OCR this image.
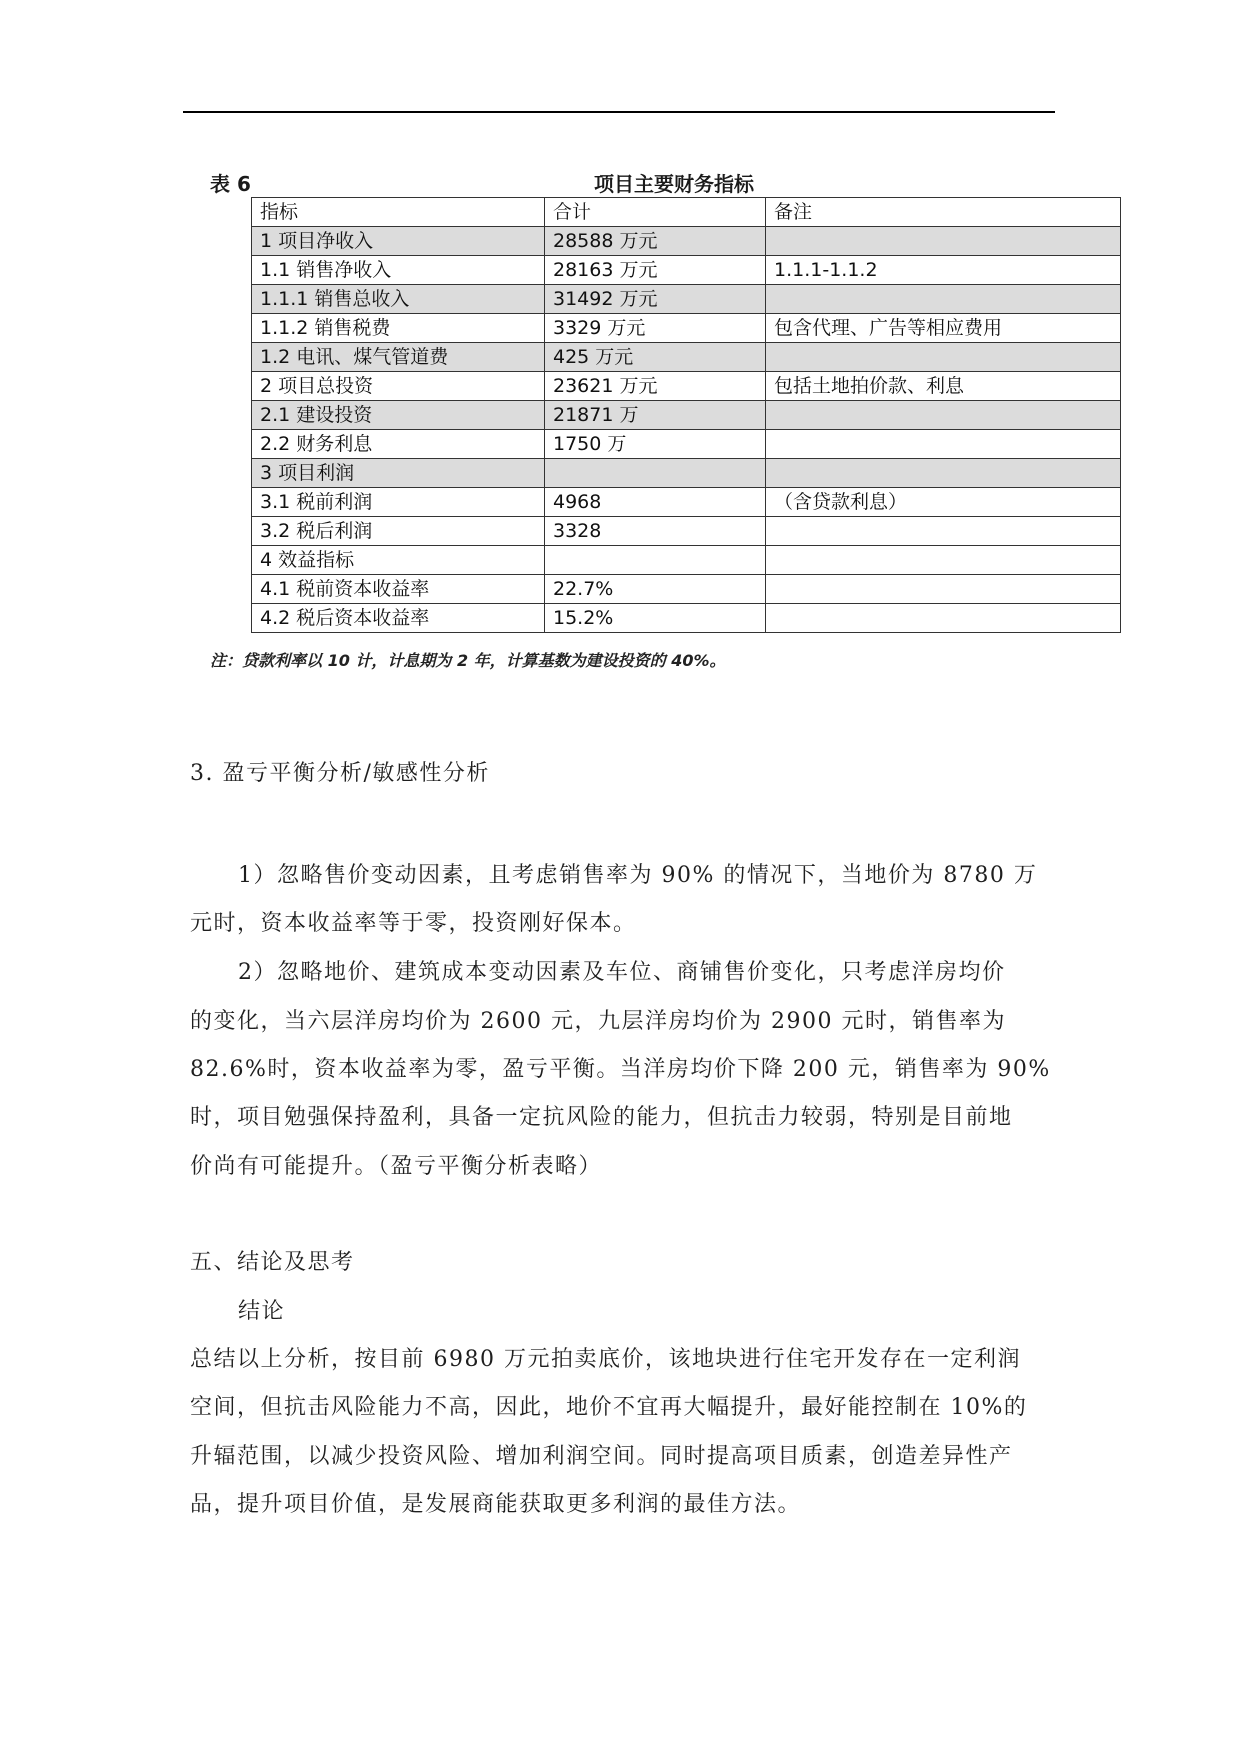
表 6	项目主要财务指标
指标	合计	备注
1 项目净收入	28588 万元	
1.1 销售净收入	28163 万元	1.1.1-1.1.2
1.1.1 销售总收入	31492 万元	
1.1.2 销售税费	3329 万元	包含代理、广告等相应费用
1.2 电讯、煤气管道费	425 万元	
2 项目总投资	23621 万元	包括土地拍价款、利息
2.1 建设投资	21871 万	
2.2 财务利息	1750 万	
3 项目利润		
3.1 税前利润	4968	（含贷款利息）
3.2 税后利润	3328	
4 效益指标		
4.1 税前资本收益率	22.7%	
4.2 税后资本收益率	15.2%	
注：贷款利率以 10 计，计息期为 2 年，计算基数为建设投资的 40%。
3. 盈亏平衡分析/敏感性分析
1）忽略售价变动因素，且考虑销售率为 90% 的情况下，当地价为 8780 万
元时，资本收益率等于零，投资刚好保本。
2）忽略地价、建筑成本变动因素及车位、商铺售价变化，只考虑洋房均价
的变化，当六层洋房均价为 2600 元，九层洋房均价为 2900 元时，销售率为
82.6%时，资本收益率为零，盈亏平衡。当洋房均价下降 200 元，销售率为 90%
时，项目勉强保持盈利，具备一定抗风险的能力，但抗击力较弱，特别是目前地
价尚有可能提升。（盈亏平衡分析表略）
五、结论及思考
结论
总结以上分析，按目前 6980 万元拍卖底价，该地块进行住宅开发存在一定利润
空间，但抗击风险能力不高，因此，地价不宜再大幅提升，最好能控制在 10%的
升辐范围，以减少投资风险、增加利润空间。同时提高项目质素，创造差异性产
品，提升项目价值，是发展商能获取更多利润的最佳方法。
